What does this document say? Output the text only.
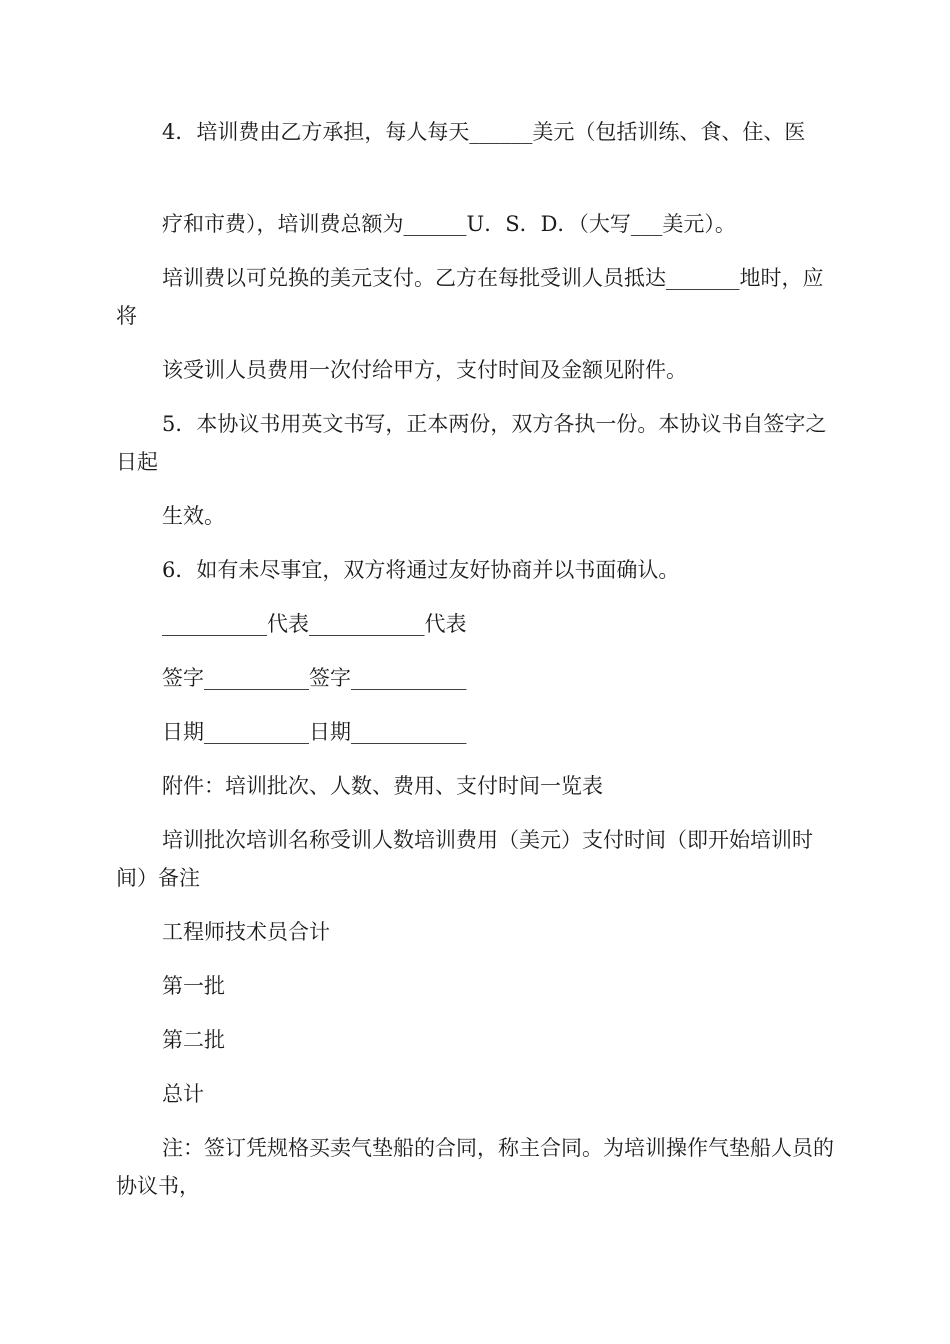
4．培训费由乙方承担，每人每天______美元（包括训练、食、住、医

疗和市费），培训费总额为______U．S．D．（大写___美元）。

培训费以可兑换的美元支付。乙方在每批受训人员抵达_______地时，应将

该受训人员费用一次付给甲方，支付时间及金额见附件。

5．本协议书用英文书写，正本两份，双方各执一份。本协议书自签字之日起

生效。

6．如有未尽事宜，双方将通过友好协商并以书面确认。

__________代表___________代表

签字__________签字___________

日期__________日期___________

附件：培训批次、人数、费用、支付时间一览表

培训批次培训名称受训人数培训费用（美元）支付时间（即开始培训时间）备注

工程师技术员合计

第一批

第二批

总计

注：签订凭规格买卖气垫船的合同，称主合同。为培训操作气垫船人员的协议书，
